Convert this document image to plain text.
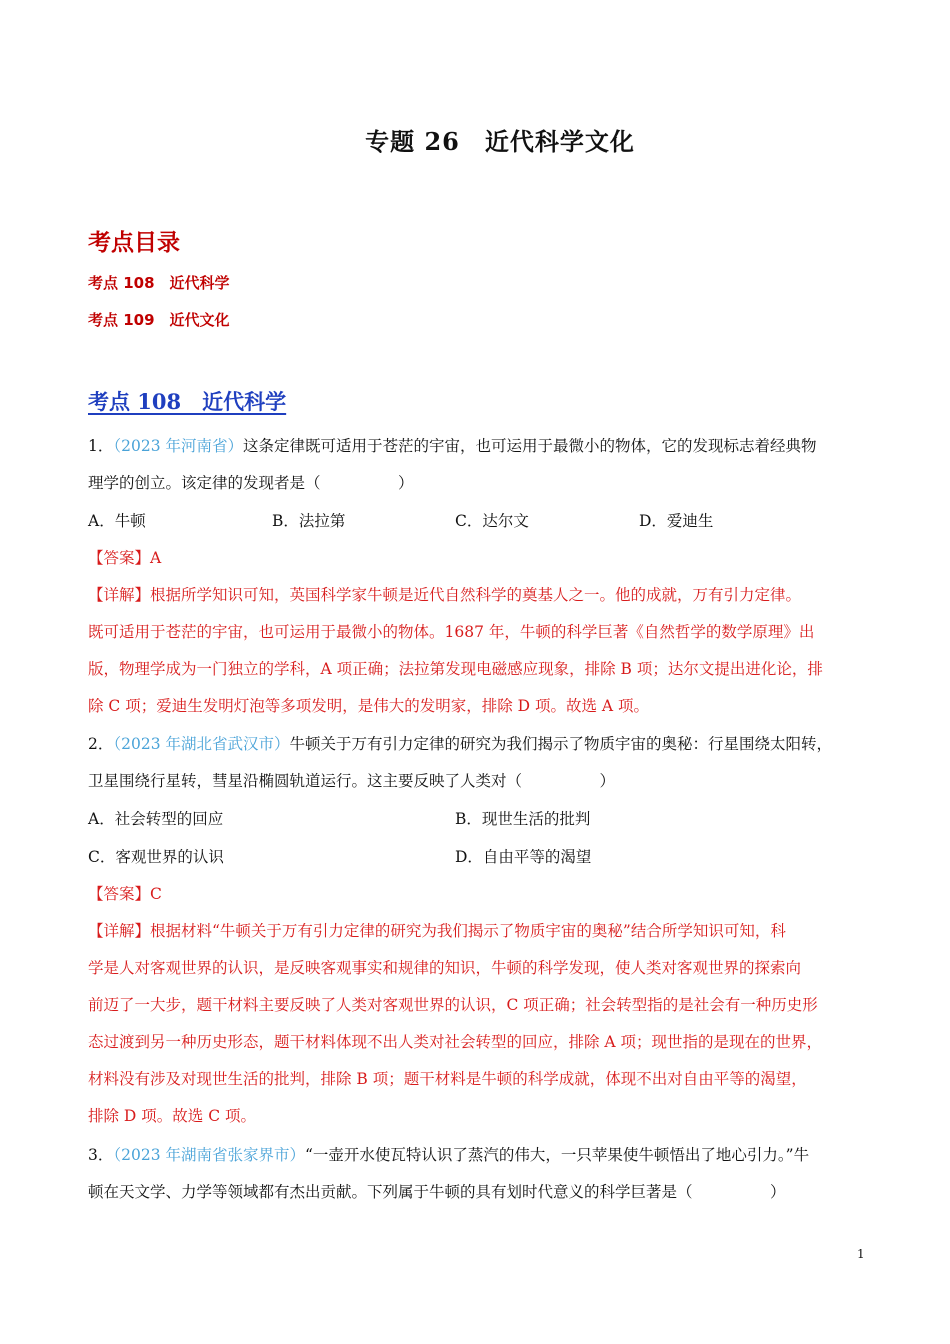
专题 26　近代科学文化
考点目录
考点 108　近代科学
考点 109　近代文化
考点 108　近代科学
1．（2023 年河南省）这条定律既可适用于苍茫的宇宙，也可运用于最微小的物体，它的发现标志着经典物
理学的创立。该定律的发现者是（　　　　　）
A．牛顿	B．法拉第	C．达尔文	D．爱迪生
【答案】A
【详解】根据所学知识可知，英国科学家牛顿是近代自然科学的奠基人之一。他的成就，万有引力定律。
既可适用于苍茫的宇宙，也可运用于最微小的物体。1687 年，牛顿的科学巨著《自然哲学的数学原理》出
版，物理学成为一门独立的学科，A 项正确；法拉第发现电磁感应现象，排除 B 项；达尔文提出进化论，排
除 C 项；爱迪生发明灯泡等多项发明，是伟大的发明家，排除 D 项。故选 A 项。
2．（2023 年湖北省武汉市）牛顿关于万有引力定律的研究为我们揭示了物质宇宙的奥秘：行星围绕太阳转，
卫星围绕行星转，彗星沿椭圆轨道运行。这主要反映了人类对（　　　　　）
A．社会转型的回应	B．现世生活的批判
C．客观世界的认识	D．自由平等的渴望
【答案】C
【详解】根据材料“牛顿关于万有引力定律的研究为我们揭示了物质宇宙的奥秘”结合所学知识可知，科
学是人对客观世界的认识，是反映客观事实和规律的知识，牛顿的科学发现，使人类对客观世界的探索向
前迈了一大步，题干材料主要反映了人类对客观世界的认识，C 项正确；社会转型指的是社会有一种历史形
态过渡到另一种历史形态，题干材料体现不出人类对社会转型的回应，排除 A 项；现世指的是现在的世界，
材料没有涉及对现世生活的批判，排除 B 项；题干材料是牛顿的科学成就，体现不出对自由平等的渴望，
排除 D 项。故选 C 项。
3．（2023 年湖南省张家界市）“一壶开水使瓦特认识了蒸汽的伟大，一只苹果使牛顿悟出了地心引力。”牛
顿在天文学、力学等领域都有杰出贡献。下列属于牛顿的具有划时代意义的科学巨著是（　　　　　）
1
